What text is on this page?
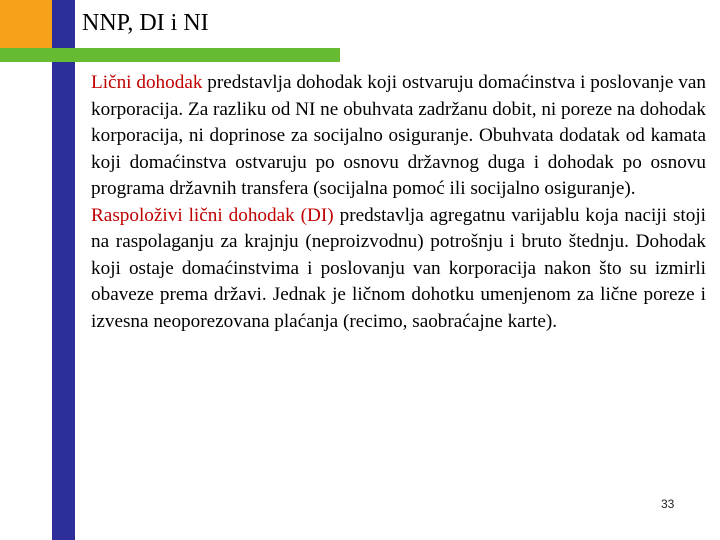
NNP, DI i NI

Lični dohodak predstavlja dohodak koji ostvaruju domaćinstva i poslovanje van korporacija. Za razliku od NI ne obuhvata zadržanu dobit, ni poreze na dohodak korporacija, ni doprinose za socijalno osiguranje. Obuhvata dodatak od kamata koji domaćinstva ostvaruju po osnovu državnog duga i dohodak po osnovu programa državnih transfera (socijalna pomoć ili socijalno osiguranje).

Raspoloživi lični dohodak (DI) predstavlja agregatnu varijablu koja naciji stoji na raspolaganju za krajnju (neproizvodnu) potrošnju i bruto štednju. Dohodak koji ostaje domaćinstvima i poslovanju van korporacija nakon što su izmirli obaveze prema državi. Jednak je ličnom dohotku umenjenom za lične poreze i izvesna neoporezovana plaćanja (recimo, saobraćajne karte).

33
